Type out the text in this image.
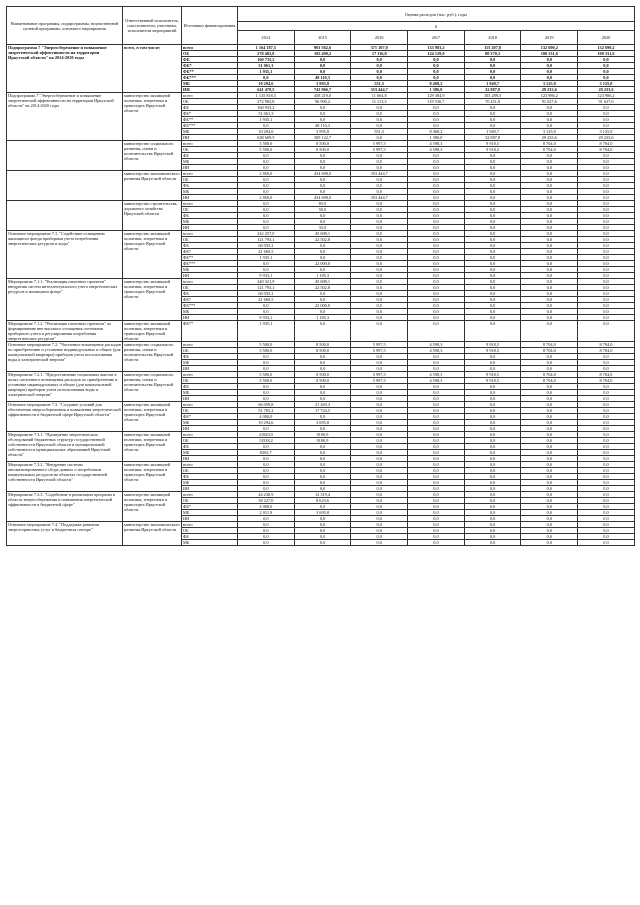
Наименование программы, подпрограммы, ведомственной целевой программы, основного мероприятия	Ответственный исполнитель, соисполнители, участники, исполнители мероприятий	Источники финансирования	Оценка расходов (тыс. руб.), годы						
			6						
			2014	2015	2016	2017	2018	2019	2020
Подпрограмма 7 "Энергосбережение и повышение энергетической эффективности на территории Иркутской области" на 2014-2020 годы	всего, в том числе:	всего	1 164 187,5	901 562,6	371 107,0	133 983,2	115 207,8	132 690,2	132 690,2
		ОБ	278 482,8	105 490,2	17 116,8	124 129,0	80 370,3	100 331,6	100 331,6
		ФБ	160 735,2	0,0	0,0	0,0	0,0	0,0	0,0
		ФБ*	51 061,3	0,0	0,0	0,0	0,0	0,0	0,0
		ФБ**	1 935,1	0,0	0,0	0,0	0,0	0,0	0,0
		ФБ***	0,0	48 110,3	0,0	0,0	0,0	0,0	0,0
		МБ	10 294,6	3 995,8	551,5	8 468,2	1 949,7	3 125,0	3 125,0
		ИИ	641 478,5	743 966,7	353 444,7	1 386,0	32 887,8	29 233,6	29 233,6
Подпрограмма 7 "Энергосбережение и повышение энергетической эффективности на территории Иркутской области" на 2014-2020 годы	министерство жилищной политики, энергетики и транспорта Иркутской области	всего	1 135 818,5	458 219,0	11 664,8	129 384,9	103 289,3	123 986,2	123 986,2
		ОБ	272 982,8	96 990,2	11 113,3	119 530,7	70 451,8	91 627,6	91 627,6
		ФБ	160 935,2	0,0	0,0	0,0	0,0	0,0	0,0
		ФБ*	51 061,3	0,0	0,0	0,0	0,0	0,0	0,0
		ФБ**	1 935,1	0,0	0,0	0,0	0,0	0,0	0,0
		ФБ***	0,0	48 110,3	0,0	0,0	0,0	0,0	0,0
		МБ	10 294,6	3 995,8	551,5	8 468,2	1 949,7	3 125,0	3 125,0
		ИИ	638 609,5	309 122,7	0,0	1 386,0	32 887,8	29 233,6	29 233,6
	министерство социального развития, опеки и попечительства Иркутской области	всего	5 500,0	8 500,0	5 997,5	4 598,3	9 918,5	8 704,0	8 704,0
		ОБ	5 500,0	8 500,0	5 997,5	4 598,3	9 918,5	8 704,0	8 704,0
		ФБ	0,0	0,0	0,0	0,0	0,0	0,0	0,0
		МБ	0,0	0,0	0,0	0,0	0,0	0,0	0,0
		ИИ	0,0	0,0	0,0	0,0	0,0	0,0	0,0
	министерство экономического развития Иркутской области	всего	2 869,0	434 698,0	353 444,7	0,0	0,0	0,0	0,0
		ОБ	0,0	0,0	0,0	0,0	0,0	0,0	0,0
		ФБ	0,0	0,0	0,0	0,0	0,0	0,0	0,0
		МБ	0,0	0,0	0,0	0,0	0,0	0,0	0,0
		ИИ	2 869,0	434 698,0	353 444,7	0,0	0,0	0,0	0,0
	министерство строительства, дорожного хозяйства Иркутской области	всего	0,0	85,0	0,0	0,0	0,0	0,0	0,0
		ОБ	0,0	50,0	0,0	0,0	0,0	0,0	0,0
		ФБ	0,0	0,0	0,0	0,0	0,0	0,0	0,0
		МБ	0,0	0,0	0,0	0,0	0,0	0,0	0,0
		ИИ	0,0	35,0	0,0	0,0	0,0	0,0	0,0
Основное мероприятие 7.1. "Содействие оснащению жилищного фонда приборами учета потребления энергетических ресурсов и воды"	министерство жилищной политики, энергетики и транспорта Иркутской области	всего	242 257,0	45 688,1	0,0	0,0	0,0	0,0	0,0
		ОБ	121 793,1	22 502,8	0,0	0,0	0,0	0,0	0,0
		ФБ	66 935,2	0,0	0,0	0,0	0,0	0,0	0,0
		ФБ*	41 660,5	0,0	0,0	0,0	0,0	0,0	0,0
		ФБ**	1 935,1	0,0	0,0	0,0	0,0	0,0	0,0
		ФБ***	0,0	22 000,0	0,0	0,0	0,0	0,0	0,0
		МБ	0,0	0,0	0,0	0,0	0,0	0,0	0,0
		ИИ	9 933,1	1 185,3	0,0	0,0	0,0	0,0	0,0
Мероприятие 7.1.1. "Реализация пилотных проектов" внедрения систем интеллектуального учета энергетических ресурсов в жилищном фонде"	министерство жилищной политики, энергетики и транспорта Иркутской области	всего	240 321,9	45 688,1	0,0	0,0	0,0	0,0	0,0
		ОБ	121 793,1	22 502,8	0,0	0,0	0,0	0,0	0,0
		ФБ	66 935,2	0,0	0,0	0,0	0,0	0,0	0,0
		ФБ*	41 660,5	0,0	0,0	0,0	0,0	0,0	0,0
		ФБ***	0,0	22 000,0	0,0	0,0	0,0	0,0	0,0
		МБ	0,0	0,0	0,0	0,0	0,0	0,0	0,0
		ИИ	9 933,1	1 185,3	0,0	0,0	0,0	0,0	0,0
Мероприятие 7.1.2. "Реализация пилотных проектов" по формированию вне высокого оснащения системами приборного учета и регулирования потребления энергетических ресурсов"	министерство жилищной политики, энергетики и транспорта Иркутской области	ФБ**	1 935,1	0,0	0,0	0,0	0,0	0,0	0,0
Основное мероприятие 7.2. "Частичное возмещение расходов по приобретению и установке индивидуальных и общих (для коммунальной квартиры) приборов учета использования воды и электрической энергии"	министерство социального развития, опеки и попечительства Иркутской области	всего	5 500,0	8 500,0	5 997,5	4 598,3	9 918,5	8 704,0	8 704,0
		ОБ	5 500,0	8 500,0	5 997,5	4 598,3	9 918,5	8 704,0	8 704,0
		ФБ	0,0	0,0	0,0	0,0	0,0	0,0	0,0
		МБ	0,0	0,0	0,0	0,0	0,0	0,0	0,0
		ИИ	0,0	0,0	0,0	0,0	0,0	0,0	0,0
Мероприятие 7.2.1. "Предоставление социальных выплат в целях частичного возмещения расходов по приобретению и установке индивидуальных и общих (для коммунальной квартиры) приборов учета использования воды и электрической энергии"	министерство социального развития, опеки и попечительства Иркутской области	всего	5 500,0	8 500,0	5 997,5	4 598,3	9 918,5	8 704,0	8 704,0
		ОБ	5 500,0	8 500,0	5 997,5	4 598,3	9 918,5	8 704,0	8 704,0
		ФБ	0,0	0,0	0,0	0,0	0,0	0,0	0,0
		МБ	0,0	0,0	0,0	0,0	0,0	0,0	0,0
		ИИ	0,0	0,0	0,0	0,0	0,0	0,0	0,0
Основное мероприятие 7.3. "Создание условий для обеспечения энергосбережения и повышения энергетической эффективности в бюджетной сфере Иркутской области"	министерство жилищной политики, энергетики и транспорта Иркутской области	всего	66 059,8	21 420,3	0,0	0,0	0,0	0,0	0,0
		ОБ	51 765,2	17 724,5	0,0	0,0	0,0	0,0	0,0
		ФБ*	4 000,0	0,0	0,0	0,0	0,0	0,0	0,0
		МБ	10 294,6	3 695,8	0,0	0,0	0,0	0,0	0,0
		ИИ	0,0	0,0	0,0	0,0	0,0	0,0	0,0
Мероприятие 7.3.1. "Проведение энергетических обследований бюджетных структур государственной собственности Иркутской области и муниципальной собственности муниципальных образований Иркутской области"	министерство жилищной политики, энергетики и транспорта Иркутской области	всего	21820,9	9100,9	0,0	0,0	0,0	0,0	0,0
		ОБ	13538,2	9100,9	0,0	0,0	0,0	0,0	0,0
		ФБ	0,0	0,0	0,0	0,0	0,0	0,0	0,0
		МБ	8282,7	0,0	0,0	0,0	0,0	0,0	0,0
		ИИ	0,0	0,0	0,0	0,0	0,0	0,0	0,0
Мероприятие 7.3.2. "Внедрение системы автоматизированного сбора данных о потреблении коммунальных ресурсов на объектах государственной собственности Иркутской области"	министерство жилищной политики, энергетики и транспорта Иркутской области	всего	0,0	0,0	0,0	0,0	0,0	0,0	0,0
		ОБ	0,0	0,0	0,0	0,0	0,0	0,0	0,0
		ФБ	0,0	0,0	0,0	0,0	0,0	0,0	0,0
		МБ	0,0	0,0	0,0	0,0	0,0	0,0	0,0
		ИИ	0,0	0,0	0,0	0,0	0,0	0,0	0,0
Мероприятие 7.3.3. "Содействие в реализации программ в области энергосбережения и повышения энергетической эффективности в бюджетной сфере"	министерство жилищной политики, энергетики и транспорта Иркутской области	всего	44 238,9	12 319,4	0,0	0,0	0,0	0,0	0,0
		ОБ	38 227,0	8 623,6	0,0	0,0	0,0	0,0	0,0
		ФБ*	4 000,0	0,0	0,0	0,0	0,0	0,0	0,0
		МБ	2 011,9	3 695,8	0,0	0,0	0,0	0,0	0,0
		ИИ	0,0	0,0	0,0	0,0	0,0	0,0	0,0
Основное мероприятие 7.4. "Поддержка развития энергосервисных услуг в бюджетном секторе"	министерство экономического развития Иркутской области	всего	0,0	0,0	0,0	0,0	0,0	0,0	0,0
		ОБ	0,0	0,0	0,0	0,0	0,0	0,0	0,0
		ФБ	0,0	0,0	0,0	0,0	0,0	0,0	0,0
		МБ	0,0	0,0	0,0	0,0	0,0	0,0	0,0
